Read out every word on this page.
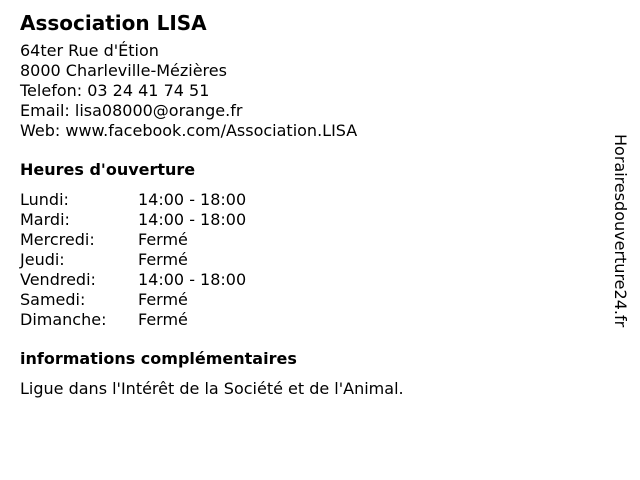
Association LISA
64ter Rue d'Étion
8000 Charleville-Mézières
Telefon: 03 24 41 74 51
Email: lisa08000@orange.fr
Web: www.facebook.com/Association.LISA
Heures d'ouverture
Lundi:	14:00 - 18:00
Mardi:	14:00 - 18:00
Mercredi:	Fermé
Jeudi:	Fermé
Vendredi:	14:00 - 18:00
Samedi:	Fermé
Dimanche:	Fermé
informations complémentaires
Ligue dans l'Intérêt de la Société et de l'Animal.
Horairesdouverture24.fr
